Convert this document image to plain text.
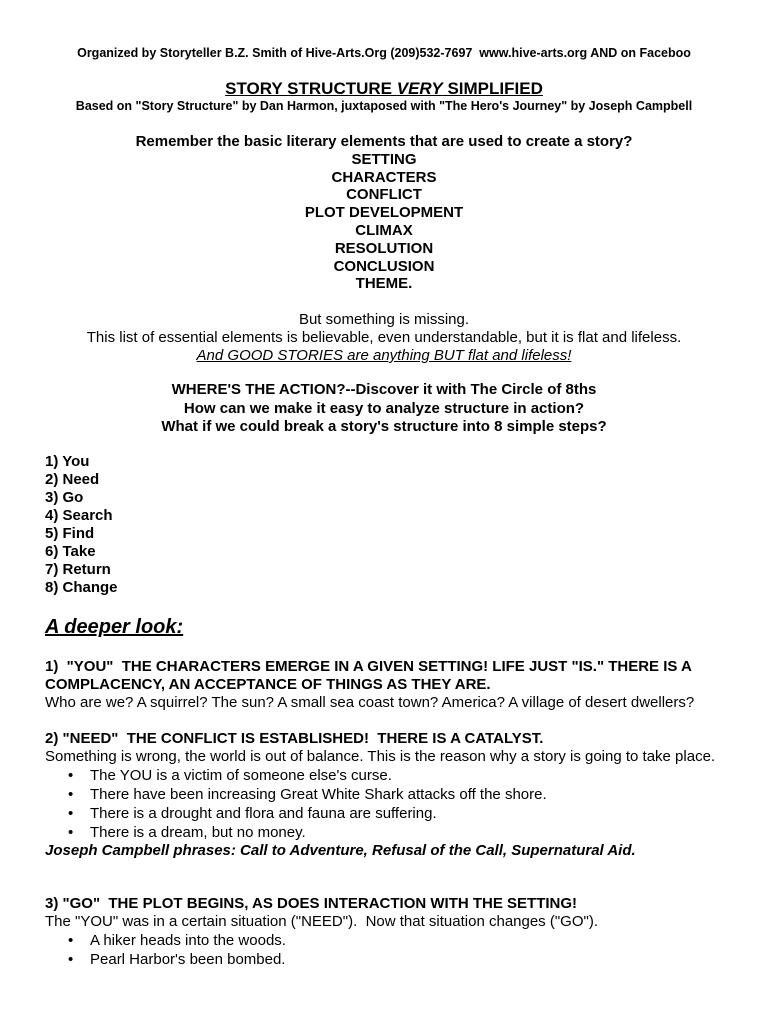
Organized by Storyteller B.Z. Smith of Hive-Arts.Org (209)532-7697  www.hive-arts.org AND on Faceboo
STORY STRUCTURE VERY SIMPLIFIED
Based on "Story Structure" by Dan Harmon, juxtaposed with "The Hero's Journey" by Joseph Campbell
Remember the basic literary elements that are used to create a story?
SETTING
CHARACTERS
CONFLICT
PLOT DEVELOPMENT
CLIMAX
RESOLUTION
CONCLUSION
THEME.
But something is missing.
This list of essential elements is believable, even understandable, but it is flat and lifeless.
And GOOD STORIES are anything BUT flat and lifeless!
WHERE'S THE ACTION?--Discover it with The Circle of 8ths
How can we make it easy to analyze structure in action?
What if we could break a story's structure into 8 simple steps?
1) You
2) Need
3) Go
4) Search
5) Find
6) Take
7) Return
8) Change
A deeper look:
1)  "YOU"  THE CHARACTERS EMERGE IN A GIVEN SETTING! LIFE JUST "IS." THERE IS A
COMPLACENCY, AN ACCEPTANCE OF THINGS AS THEY ARE.
Who are we? A squirrel? The sun? A small sea coast town? America? A village of desert dwellers?
2) "NEED"  THE CONFLICT IS ESTABLISHED!  THERE IS A CATALYST.
Something is wrong, the world is out of balance. This is the reason why a story is going to take place.
•
The YOU is a victim of someone else's curse.
•
There have been increasing Great White Shark attacks off the shore.
•
There is a drought and flora and fauna are suffering.
•
There is a dream, but no money.
Joseph Campbell phrases: Call to Adventure, Refusal of the Call, Supernatural Aid.
3) "GO"  THE PLOT BEGINS, AS DOES INTERACTION WITH THE SETTING!
The "YOU" was in a certain situation ("NEED").  Now that situation changes ("GO").
•
A hiker heads into the woods.
•
Pearl Harbor's been bombed.
